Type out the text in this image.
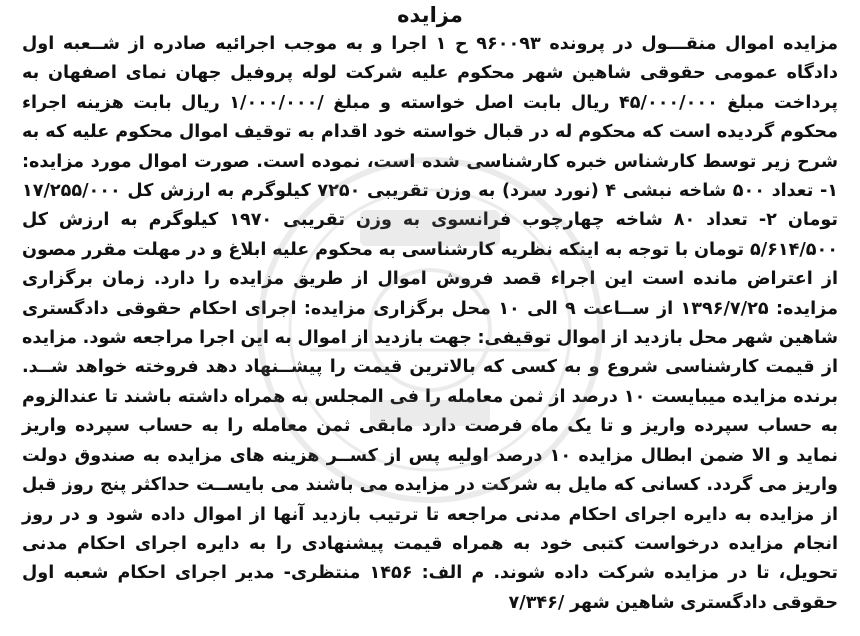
مزایده

مزایده اموال منقـــول در پرونده ۹۶۰۰۹۳ ح ۱ اجرا و به موجب اجرائیه صادره از شــعبه اول دادگاه عمومی حقوقی شاهین شهر محکوم علیه شرکت لوله پروفیل جهان نمای اصفهان به پرداخت مبلغ ۴۵/۰۰۰/۰۰۰ ریال بابت اصل خواسته و مبلغ /۱/۰۰۰/۰۰۰ ریال بابت هزینه اجراء محکوم گردیده است که محکوم له در قبال خواسته خود اقدام به توقیف اموال محکوم علیه که به شرح زیر توسط کارشناس خبره کارشناسی شده است، نموده است. صورت اموال مورد مزایده: ۱- تعداد ۵۰۰ شاخه نبشی ۴ (نورد سرد) به وزن تقریبی ۷۲۵۰ کیلوگرم به ارزش کل ۱۷/۲۵۵/۰۰۰ تومان ۲- تعداد ۸۰ شاخه چهارچوب فرانسوی به وزن تقریبی ۱۹۷۰ کیلوگرم به ارزش کل ۵/۶۱۴/۵۰۰ تومان با توجه به اینکه نظریه کارشناسی به محکوم علیه ابلاغ و در مهلت مقرر مصون از اعتراض مانده است این اجراء قصد فروش اموال از طریق مزایده را دارد. زمان برگزاری مزایده: ۱۳۹۶/۷/۲۵ از ســاعت ۹ الی ۱۰ محل برگزاری مزایده: اجرای احکام حقوقی دادگستری شاهین شهر محل بازدید از اموال توقیفی: جهت بازدید از اموال به این اجرا مراجعه شود. مزایده از قیمت کارشناسی شروع و به کسی که بالاترین قیمت را پیشــنهاد دهد فروخته خواهد شــد. برنده مزایده میبایست ۱۰ درصد از ثمن معامله را فی المجلس به همراه داشته باشند تا عندالزوم به حساب سپرده واریز و تا یک ماه فرصت دارد مابقی ثمن معامله را به حساب سپرده واریز نماید و الا ضمن ابطال مزایده ۱۰ درصد اولیه پس از کســر هزینه های مزایده به صندوق دولت واریز می گردد. کسانی که مایل به شرکت در مزایده می باشند می بایســت حداکثر پنج روز قبل از مزایده به دایره اجرای احکام مدنی مراجعه تا ترتیب بازدید آنها از اموال داده شود و در روز انجام مزایده درخواست کتبی خود به همراه قیمت پیشنهادی را به دایره اجرای احکام مدنی تحویل، تا در مزایده شرکت داده شوند. م الف: ۱۴۵۶ منتظری- مدیر اجرای احکام شعبه اول حقوقی دادگستری شاهین شهر /۷/۳۴۶
